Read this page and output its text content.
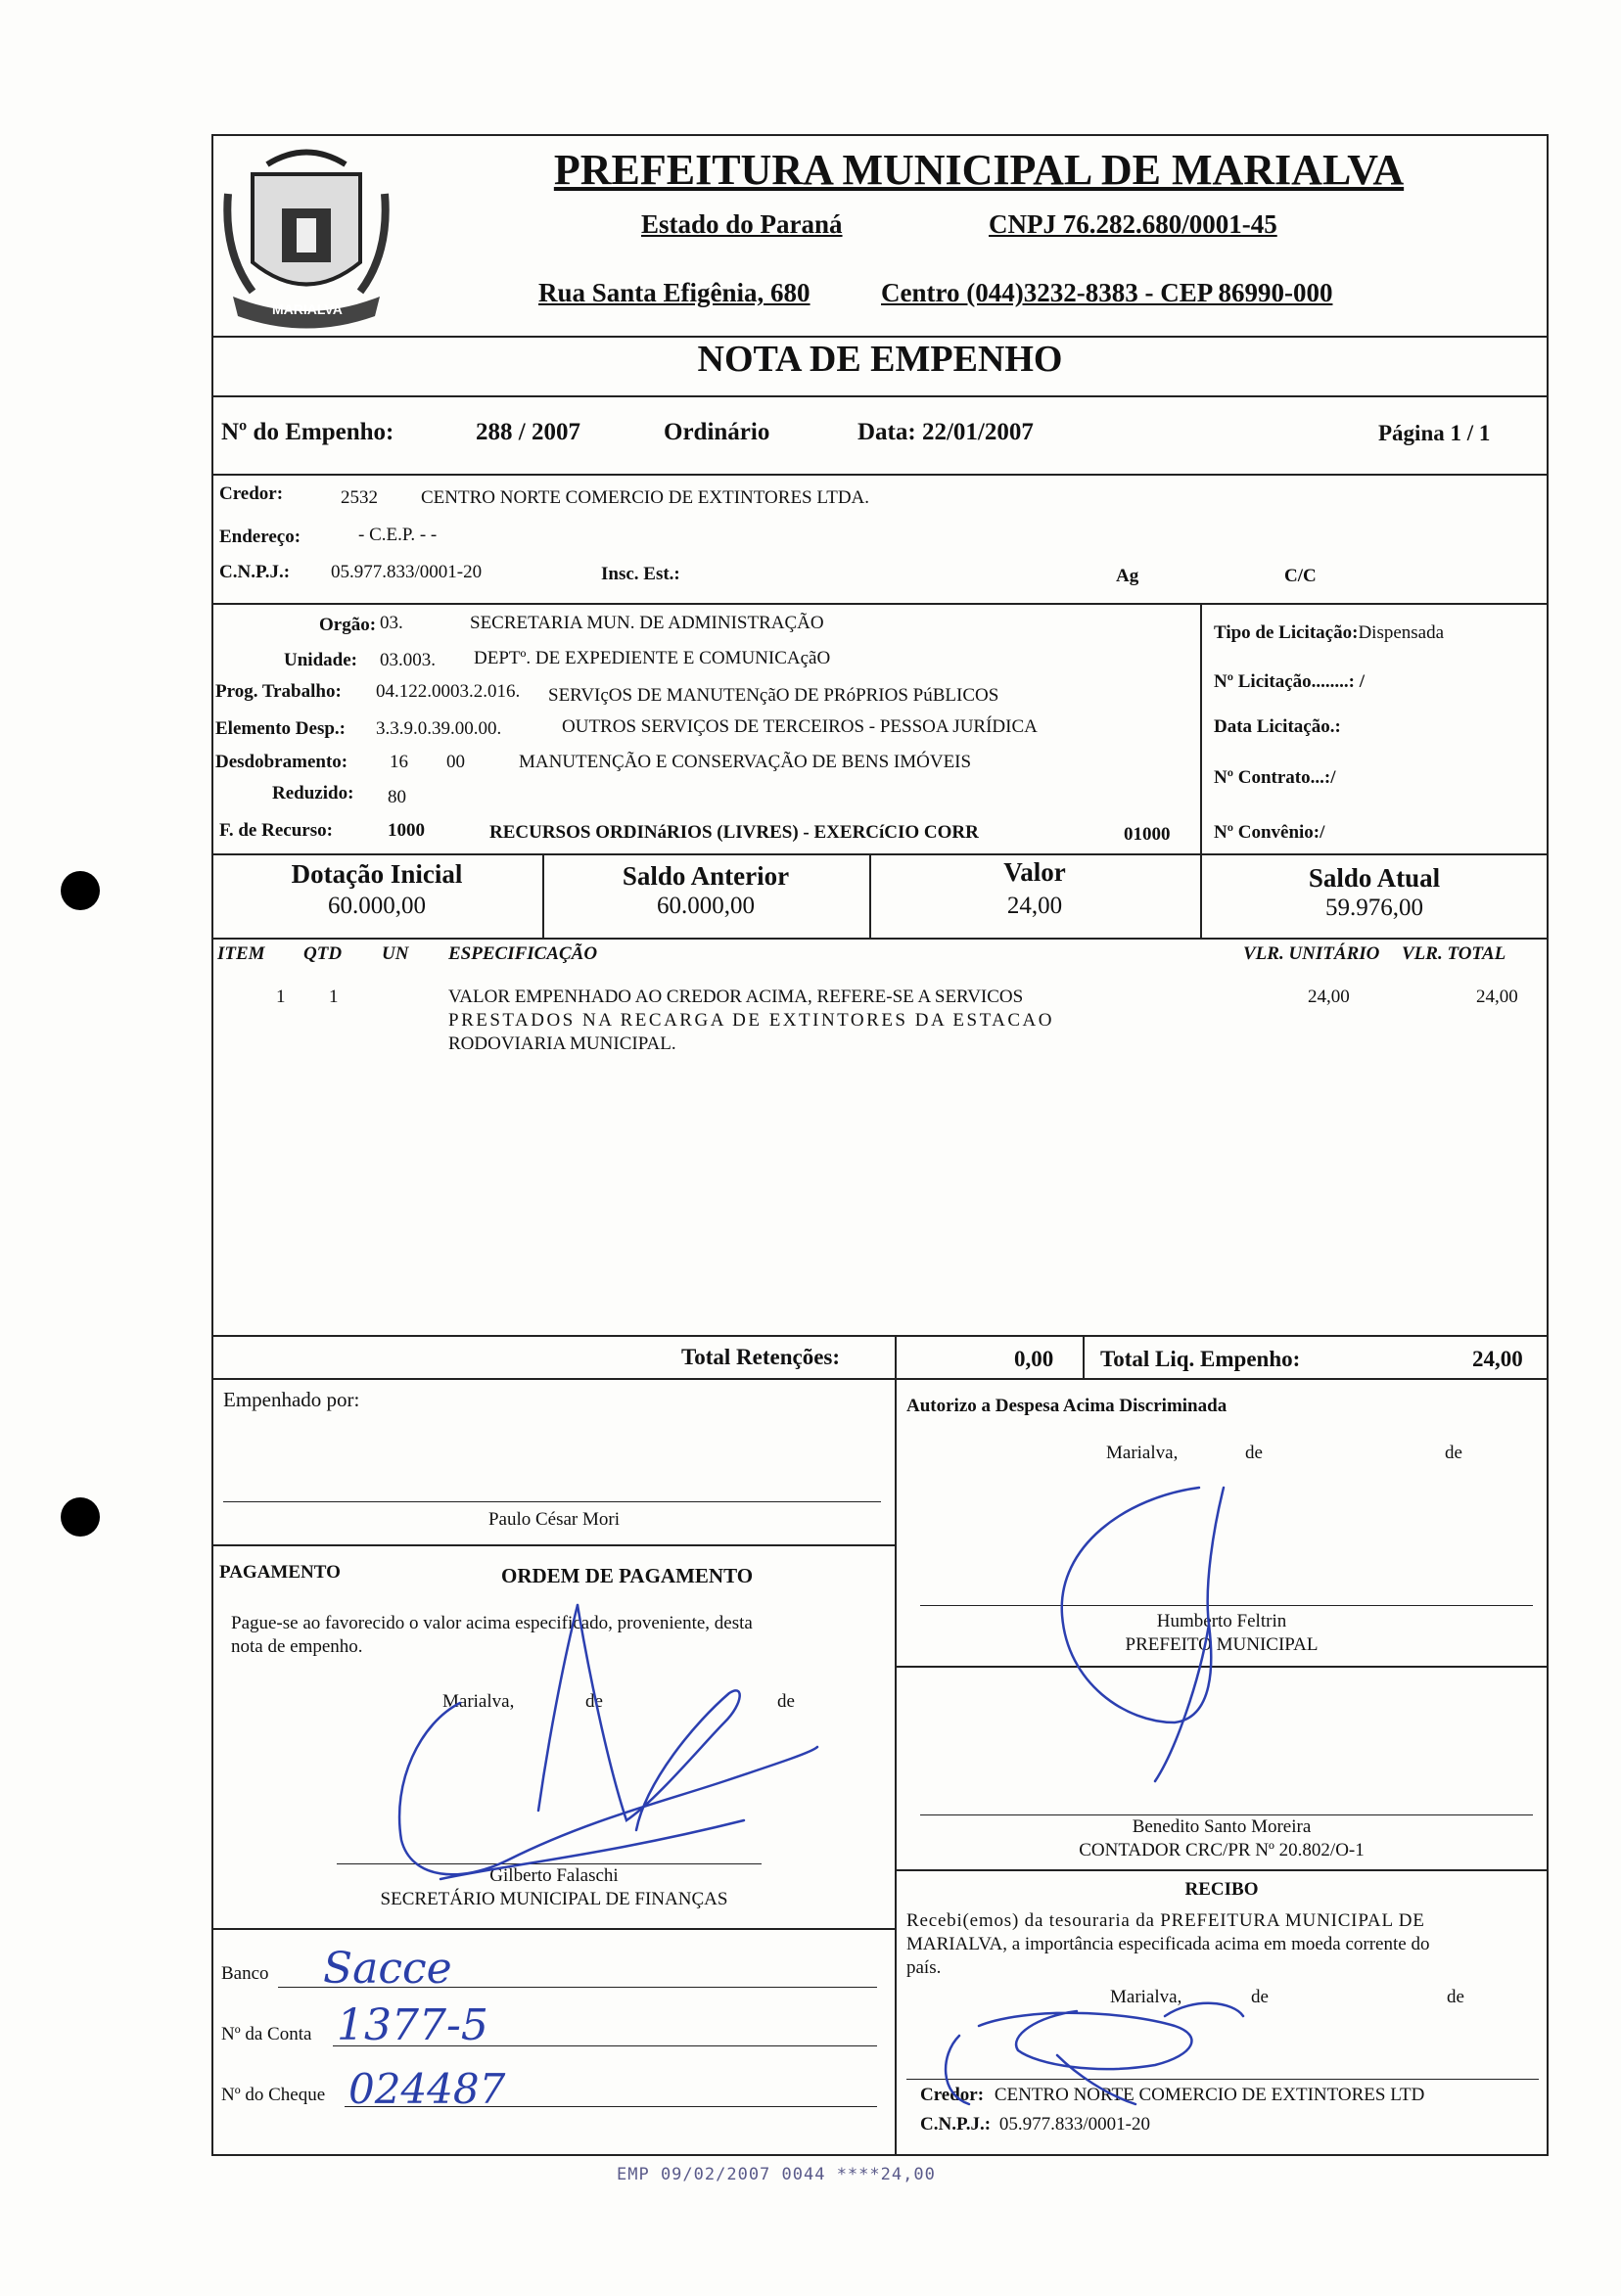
MARIALVA
PREFEITURA MUNICIPAL DE MARIALVA
Estado do Paraná	CNPJ 76.282.680/0001-45
Rua Santa Efigênia, 680	Centro (044)3232-8383 - CEP 86990-000
NOTA DE EMPENHO
Nº do Empenho:	288 / 2007	Ordinário	Data: 22/01/2007	Página 1 / 1
Credor:	2532 CENTRO NORTE COMERCIO DE EXTINTORES LTDA.
Endereço:	- C.E.P. - -
C.N.P.J.: 05.977.833/0001-20	Insc. Est.:	Ag	C/C
Orgão: 03.	SECRETARIA MUN. DE ADMINISTRAÇÃO
Unidade: 03.003. DEPTº. DE EXPEDIENTE E COMUNICAçãO
Prog. Trabalho: 04.122.0003.2.016. SERVIçOS DE MANUTENçãO DE PRóPRIOS PúBLICOS
Elemento Desp.: 3.3.9.0.39.00.00.	OUTROS SERVIÇOS DE TERCEIROS - PESSOA JURÍDICA
Desdobramento: 16 00	MANUTENÇÃO E CONSERVAÇÃO DE BENS IMÓVEIS
Reduzido: 80
F. de Recurso:	1000	RECURSOS ORDINáRIOS (LIVRES) - EXERCíCIO CORR	01000
Tipo de Licitação:Dispensada
Nº Licitação........: /
Data Licitação.:
Nº Contrato...:/
Nº Convênio:/
Dotação Inicial
60.000,00
Saldo Anterior
60.000,00
Valor
24,00
Saldo Atual
59.976,00
ITEM QTD UN ESPECIFICAÇÃO	VLR. UNITÁRIO VLR. TOTAL
1 1	VALOR EMPENHADO AO CREDOR ACIMA, REFERE-SE A SERVICOS
PRESTADOS NA RECARGA DE EXTINTORES DA ESTACAO
RODOVIARIA MUNICIPAL.
24,00	24,00
Total Retenções:	0,00 Total Liq. Empenho:	24,00
Empenhado por:
Paulo César Mori
PAGAMENTO	ORDEM DE PAGAMENTO
Pague-se ao favorecido o valor acima especificado, proveniente, desta
nota de empenho.
Marialva,	de	de
Gilberto Falaschi
SECRETÁRIO MUNICIPAL DE FINANÇAS
Banco Sacce
Nº da Conta 1377-5
Nº do Cheque 024487
Autorizo a Despesa Acima Discriminada
Marialva,	de	de
Humberto Feltrin
PREFEITO MUNICIPAL
Benedito Santo Moreira
CONTADOR CRC/PR Nº 20.802/O-1
RECIBO
Recebi(emos) da tesouraria da PREFEITURA MUNICIPAL DE
MARIALVA, a importância especificada acima em moeda corrente do
país.
Marialva,	de	de
Credor: CENTRO NORTE COMERCIO DE EXTINTORES LTD
C.N.P.J.: 05.977.833/0001-20
EMP 09/02/2007 0044 ****24,00
